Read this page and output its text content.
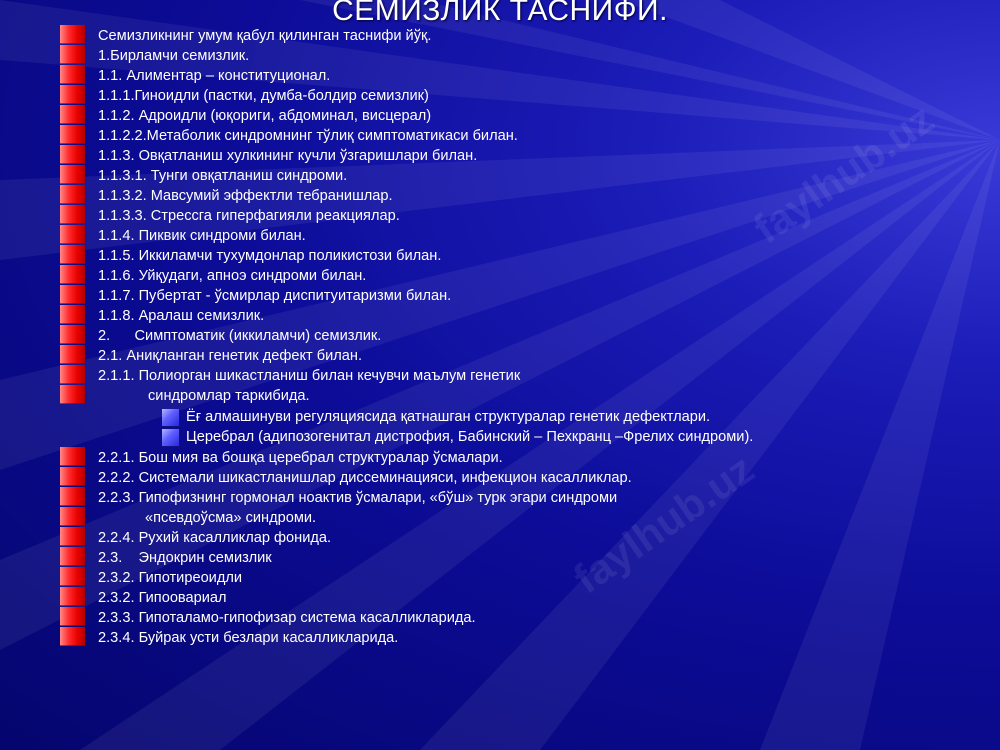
faylhub.uz
faylhub.uz
СЕМИЗЛИК ТАСНИФИ.
Семизликнинг умум қабул қилинган таснифи йўқ.
1.Бирламчи семизлик.
1.1. Алиментар – конституционал.
1.1.1.Гиноидли (пастки, думба-болдир семизлик)
1.1.2. Адроидли (юқориги, абдоминал, висцерал)
1.1.2.2.Метаболик синдромнинг тўлиқ симптоматикаси билан.
1.1.3. Овқатланиш хулкининг кучли ўзгаришлари билан.
1.1.3.1. Тунги овқатланиш синдроми.
1.1.3.2. Мавсумий эффектли тебранишлар.
1.1.3.3. Стрессга гиперфагияли реакциялар.
1.1.4. Пиквик синдроми билан.
1.1.5. Иккиламчи тухумдонлар поликистози билан.
1.1.6. Уйқудаги, апноэ синдроми билан.
1.1.7. Пубертат - ўсмирлар диспитуитаризми билан.
1.1.8. Аралаш семизлик.
2.      Симптоматик (иккиламчи) семизлик.
2.1. Аниқланган генетик дефект билан.
2.1.1. Полиорган шикастланиш билан кечувчи маълум генетик
синдромлар таркибида.
Ёғ алмашинуви регуляциясида қатнашган структуралар генетик дефектлари.
Церебрал (адипозогенитал дистрофия, Бабинский – Пехкранц –Фрелих синдроми).
2.2.1. Бош мия ва бошқа церебрал структуралар ўсмалари.
2.2.2. Системали шикастланишлар диссеминацияси, инфекцион касалликлар.
2.2.3. Гипофизнинг гормонал ноактив ўсмалари, «бўш» турк эгари синдроми
«псевдоўсма» синдроми.
2.2.4. Рухий касалликлар фонида.
2.3.    Эндокрин семизлик
2.3.2. Гипотиреоидли
2.3.2. Гипоовариал
2.3.3. Гипоталамо-гипофизар система касалликларида.
2.3.4. Буйрак усти безлари касалликларида.
